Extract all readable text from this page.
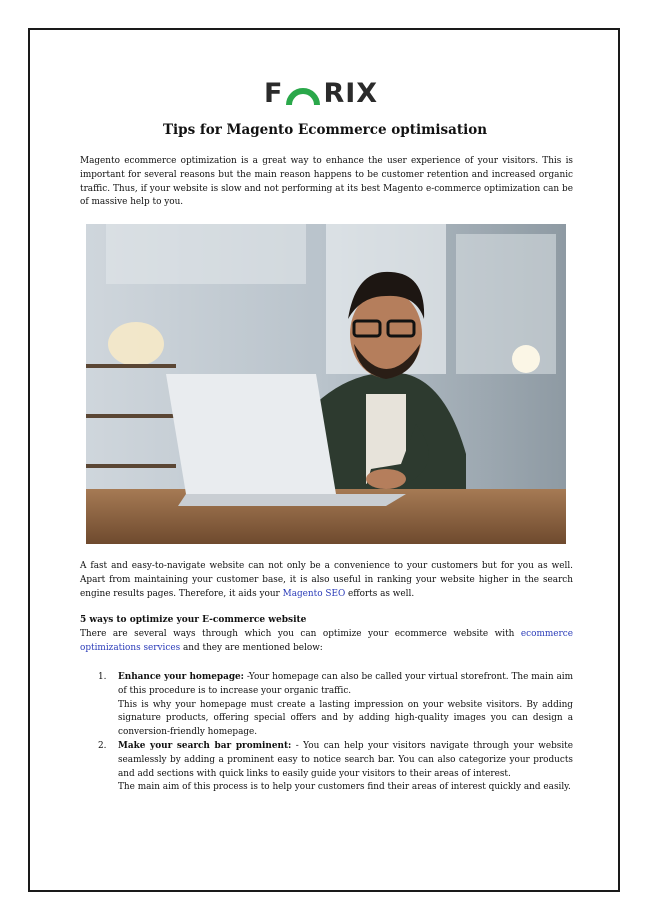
F RIX
Tips for Magento Ecommerce optimisation

Magento ecommerce optimization is a great way to enhance the user experience of your visitors. This is important for several reasons but the main reason happens to be customer retention and increased organic traffic. Thus, if your website is slow and not performing at its best Magento e-commerce optimization can be of massive help to you.

A fast and easy-to-navigate website can not only be a convenience to your customers but for you as well. Apart from maintaining your customer base, it is also useful in ranking your website higher in the search engine results pages. Therefore, it aids your Magento SEO efforts as well.

5 ways to optimize your E-commerce website

There are several ways through which you can optimize your ecommerce website with ecommerce optimizations services and they are mentioned below:

1. Enhance your homepage: -Your homepage can also be called your virtual storefront. The main aim of this procedure is to increase your organic traffic.

This is why your homepage must create a lasting impression on your website visitors. By adding signature products, offering special offers and by adding high-quality images you can design a conversion-friendly homepage.

2. Make your search bar prominent: - You can help your visitors navigate through your website seamlessly by adding a prominent easy to notice search bar. You can also categorize your products and add sections with quick links to easily guide your visitors to their areas of interest.

The main aim of this process is to help your customers find their areas of interest quickly and easily.
